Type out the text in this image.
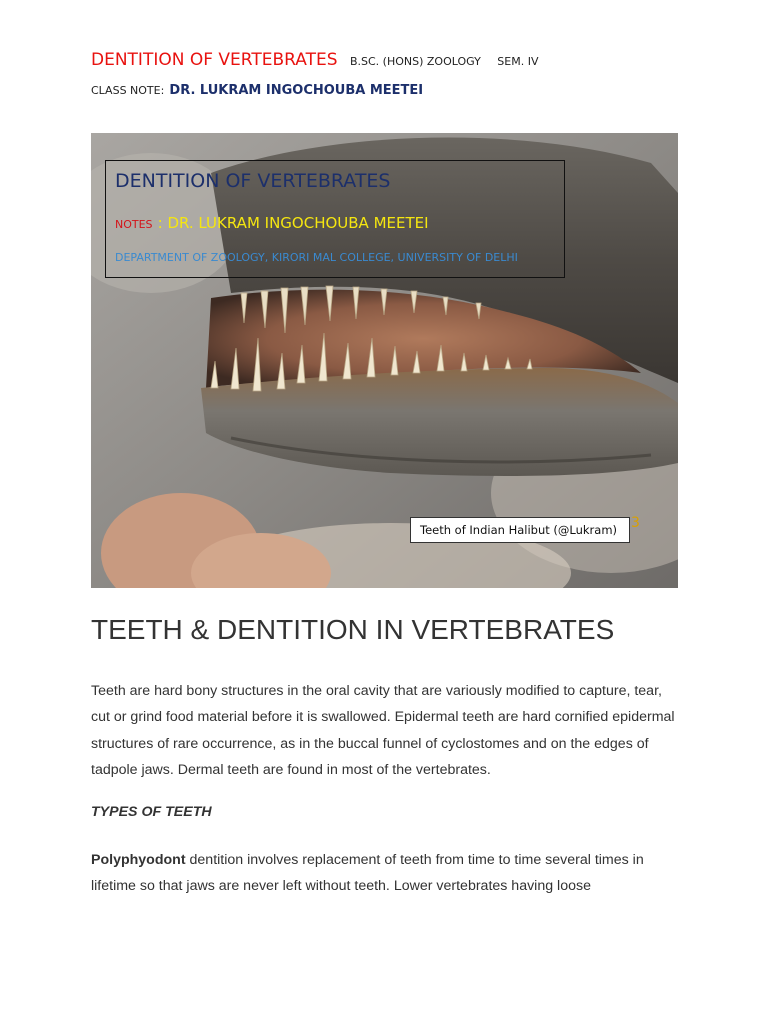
DENTITION OF VERTEBRATES B.SC. (HONS) ZOOLOGY SEM. IV
CLASS NOTE: DR. LUKRAM INGOCHOUBA MEETEI
DENTITION OF VERTEBRATES
NOTES : DR. LUKRAM INGOCHOUBA MEETEI
DEPARTMENT OF ZOOLOGY, KIRORI MAL COLLEGE, UNIVERSITY OF DELHI
Teeth of Indian Halibut (@Lukram) 3
TEETH & DENTITION IN VERTEBRATES
Teeth are hard bony structures in the oral cavity that are variously modified to capture, tear, cut or grind food material before it is swallowed. Epidermal teeth are hard cornified epidermal structures of rare occurrence, as in the buccal funnel of cyclostomes and on the edges of tadpole jaws. Dermal teeth are found in most of the vertebrates.
TYPES OF TEETH
Polyphyodont dentition involves replacement of teeth from time to time several times in lifetime so that jaws are never left without teeth. Lower vertebrates having loose
